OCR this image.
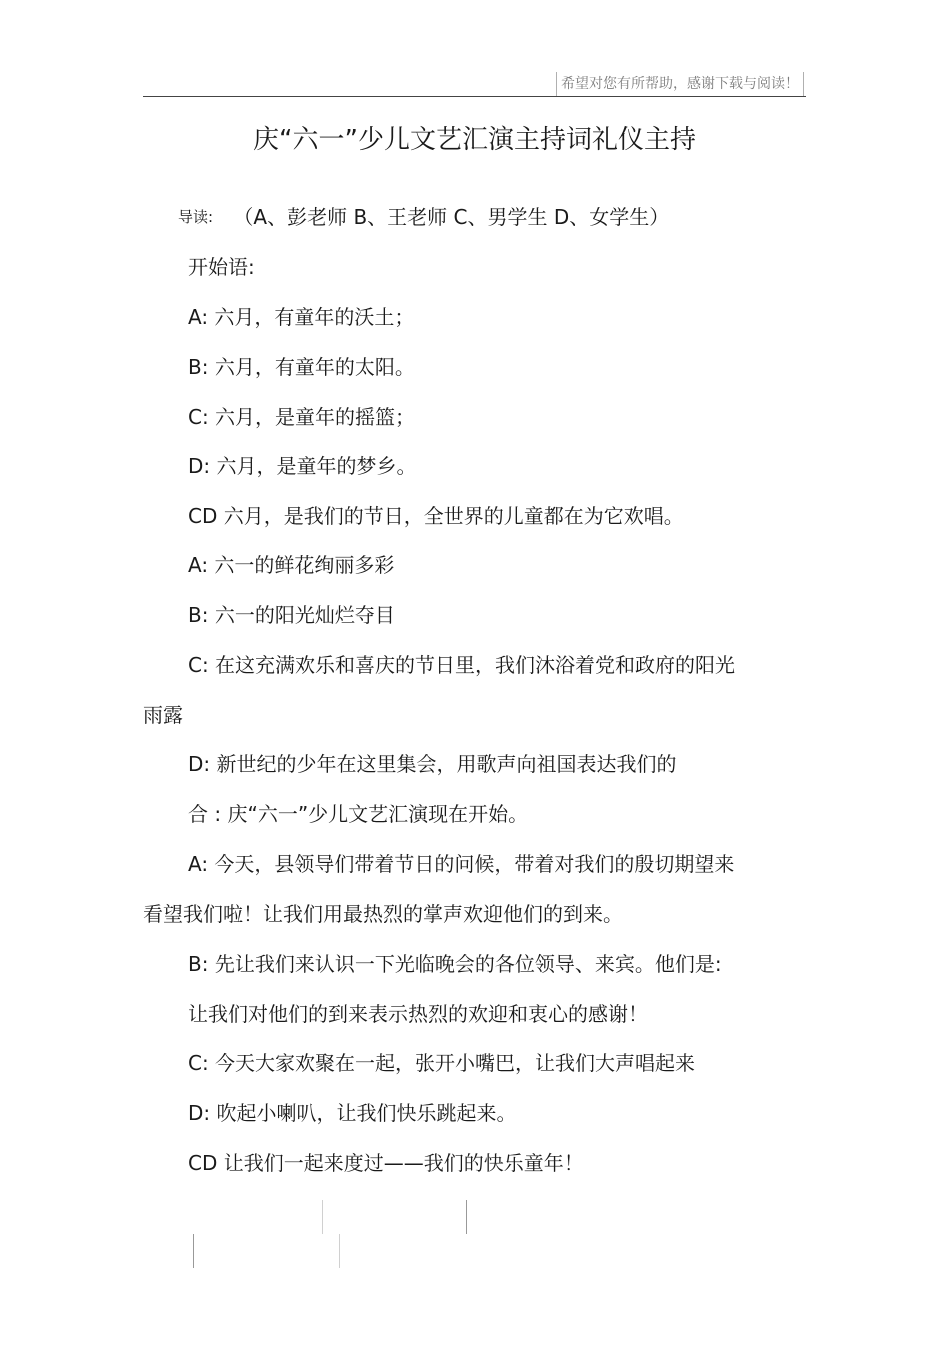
希望对您有所帮助，感谢下载与阅读！
庆“六一”少儿文艺汇演主持词礼仪主持
导读: （A、彭老师 B、王老师 C、男学生 D、女学生）
开始语:
A: 六月，有童年的沃土；
B: 六月，有童年的太阳。
C: 六月，是童年的摇篮；
D: 六月，是童年的梦乡。
CD 六月，是我们的节日，全世界的儿童都在为它欢唱。
A: 六一的鲜花绚丽多彩
B: 六一的阳光灿烂夺目
C: 在这充满欢乐和喜庆的节日里，我们沐浴着党和政府的阳光
雨露
D: 新世纪的少年在这里集会，用歌声向祖国表达我们的
合 : 庆“六一”少儿文艺汇演现在开始。
A: 今天，县领导们带着节日的问候，带着对我们的殷切期望来
看望我们啦！让我们用最热烈的掌声欢迎他们的到来。
B: 先让我们来认识一下光临晚会的各位领导、来宾。他们是:
让我们对他们的到来表示热烈的欢迎和衷心的感谢！
C: 今天大家欢聚在一起，张开小嘴巴，让我们大声唱起来
D: 吹起小喇叭，让我们快乐跳起来。
CD 让我们一起来度过——我们的快乐童年！
